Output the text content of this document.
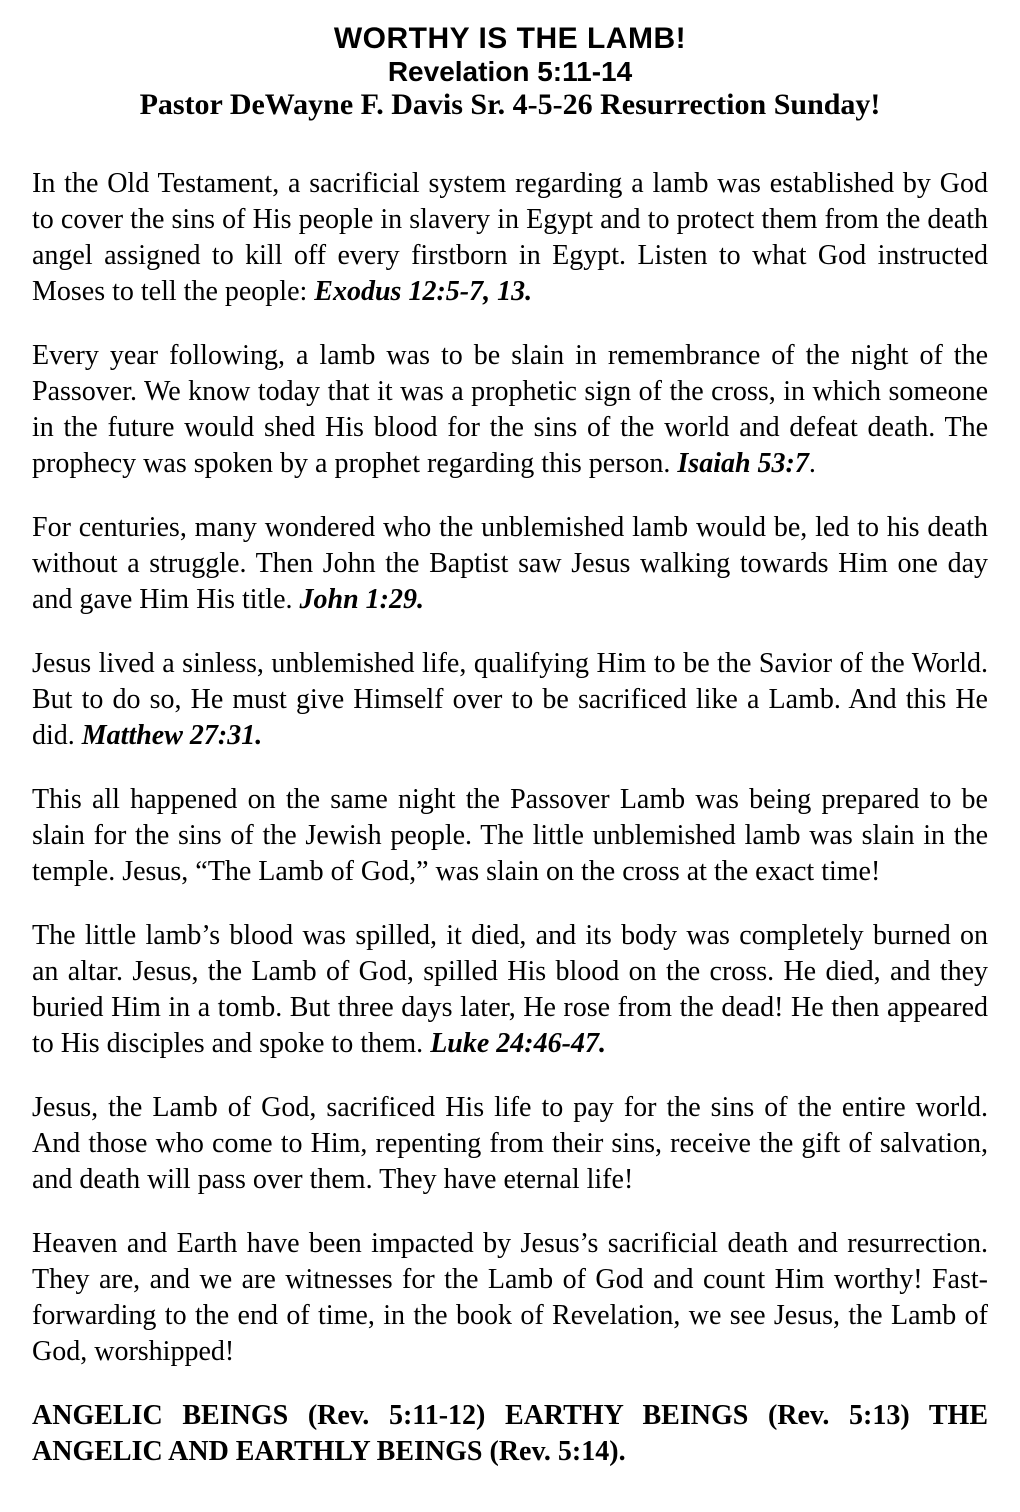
WORTHY IS THE LAMB!

Revelation 5:11-14

Pastor DeWayne F. Davis Sr. 4-5-26 Resurrection Sunday!

In the Old Testament, a sacrificial system regarding a lamb was established by God to cover the sins of His people in slavery in Egypt and to protect them from the death angel assigned to kill off every firstborn in Egypt. Listen to what God instructed Moses to tell the people: Exodus 12:5-7, 13.

Every year following, a lamb was to be slain in remembrance of the night of the Passover. We know today that it was a prophetic sign of the cross, in which someone in the future would shed His blood for the sins of the world and defeat death. The prophecy was spoken by a prophet regarding this person. Isaiah 53:7.

For centuries, many wondered who the unblemished lamb would be, led to his death without a struggle. Then John the Baptist saw Jesus walking towards Him one day and gave Him His title. John 1:29.

Jesus lived a sinless, unblemished life, qualifying Him to be the Savior of the World. But to do so, He must give Himself over to be sacrificed like a Lamb. And this He did. Matthew 27:31.

This all happened on the same night the Passover Lamb was being prepared to be slain for the sins of the Jewish people. The little unblemished lamb was slain in the temple. Jesus, “The Lamb of God,” was slain on the cross at the exact time!

The little lamb’s blood was spilled, it died, and its body was completely burned on an altar. Jesus, the Lamb of God, spilled His blood on the cross. He died, and they buried Him in a tomb. But three days later, He rose from the dead! He then appeared to His disciples and spoke to them. Luke 24:46-47.

Jesus, the Lamb of God, sacrificed His life to pay for the sins of the entire world. And those who come to Him, repenting from their sins, receive the gift of salvation, and death will pass over them. They have eternal life!

Heaven and Earth have been impacted by Jesus’s sacrificial death and resurrection. They are, and we are witnesses for the Lamb of God and count Him worthy! Fast-forwarding to the end of time, in the book of Revelation, we see Jesus, the Lamb of God, worshipped!

ANGELIC BEINGS (Rev. 5:11-12) EARTHY BEINGS (Rev. 5:13) THE ANGELIC AND EARTHLY BEINGS (Rev. 5:14).
